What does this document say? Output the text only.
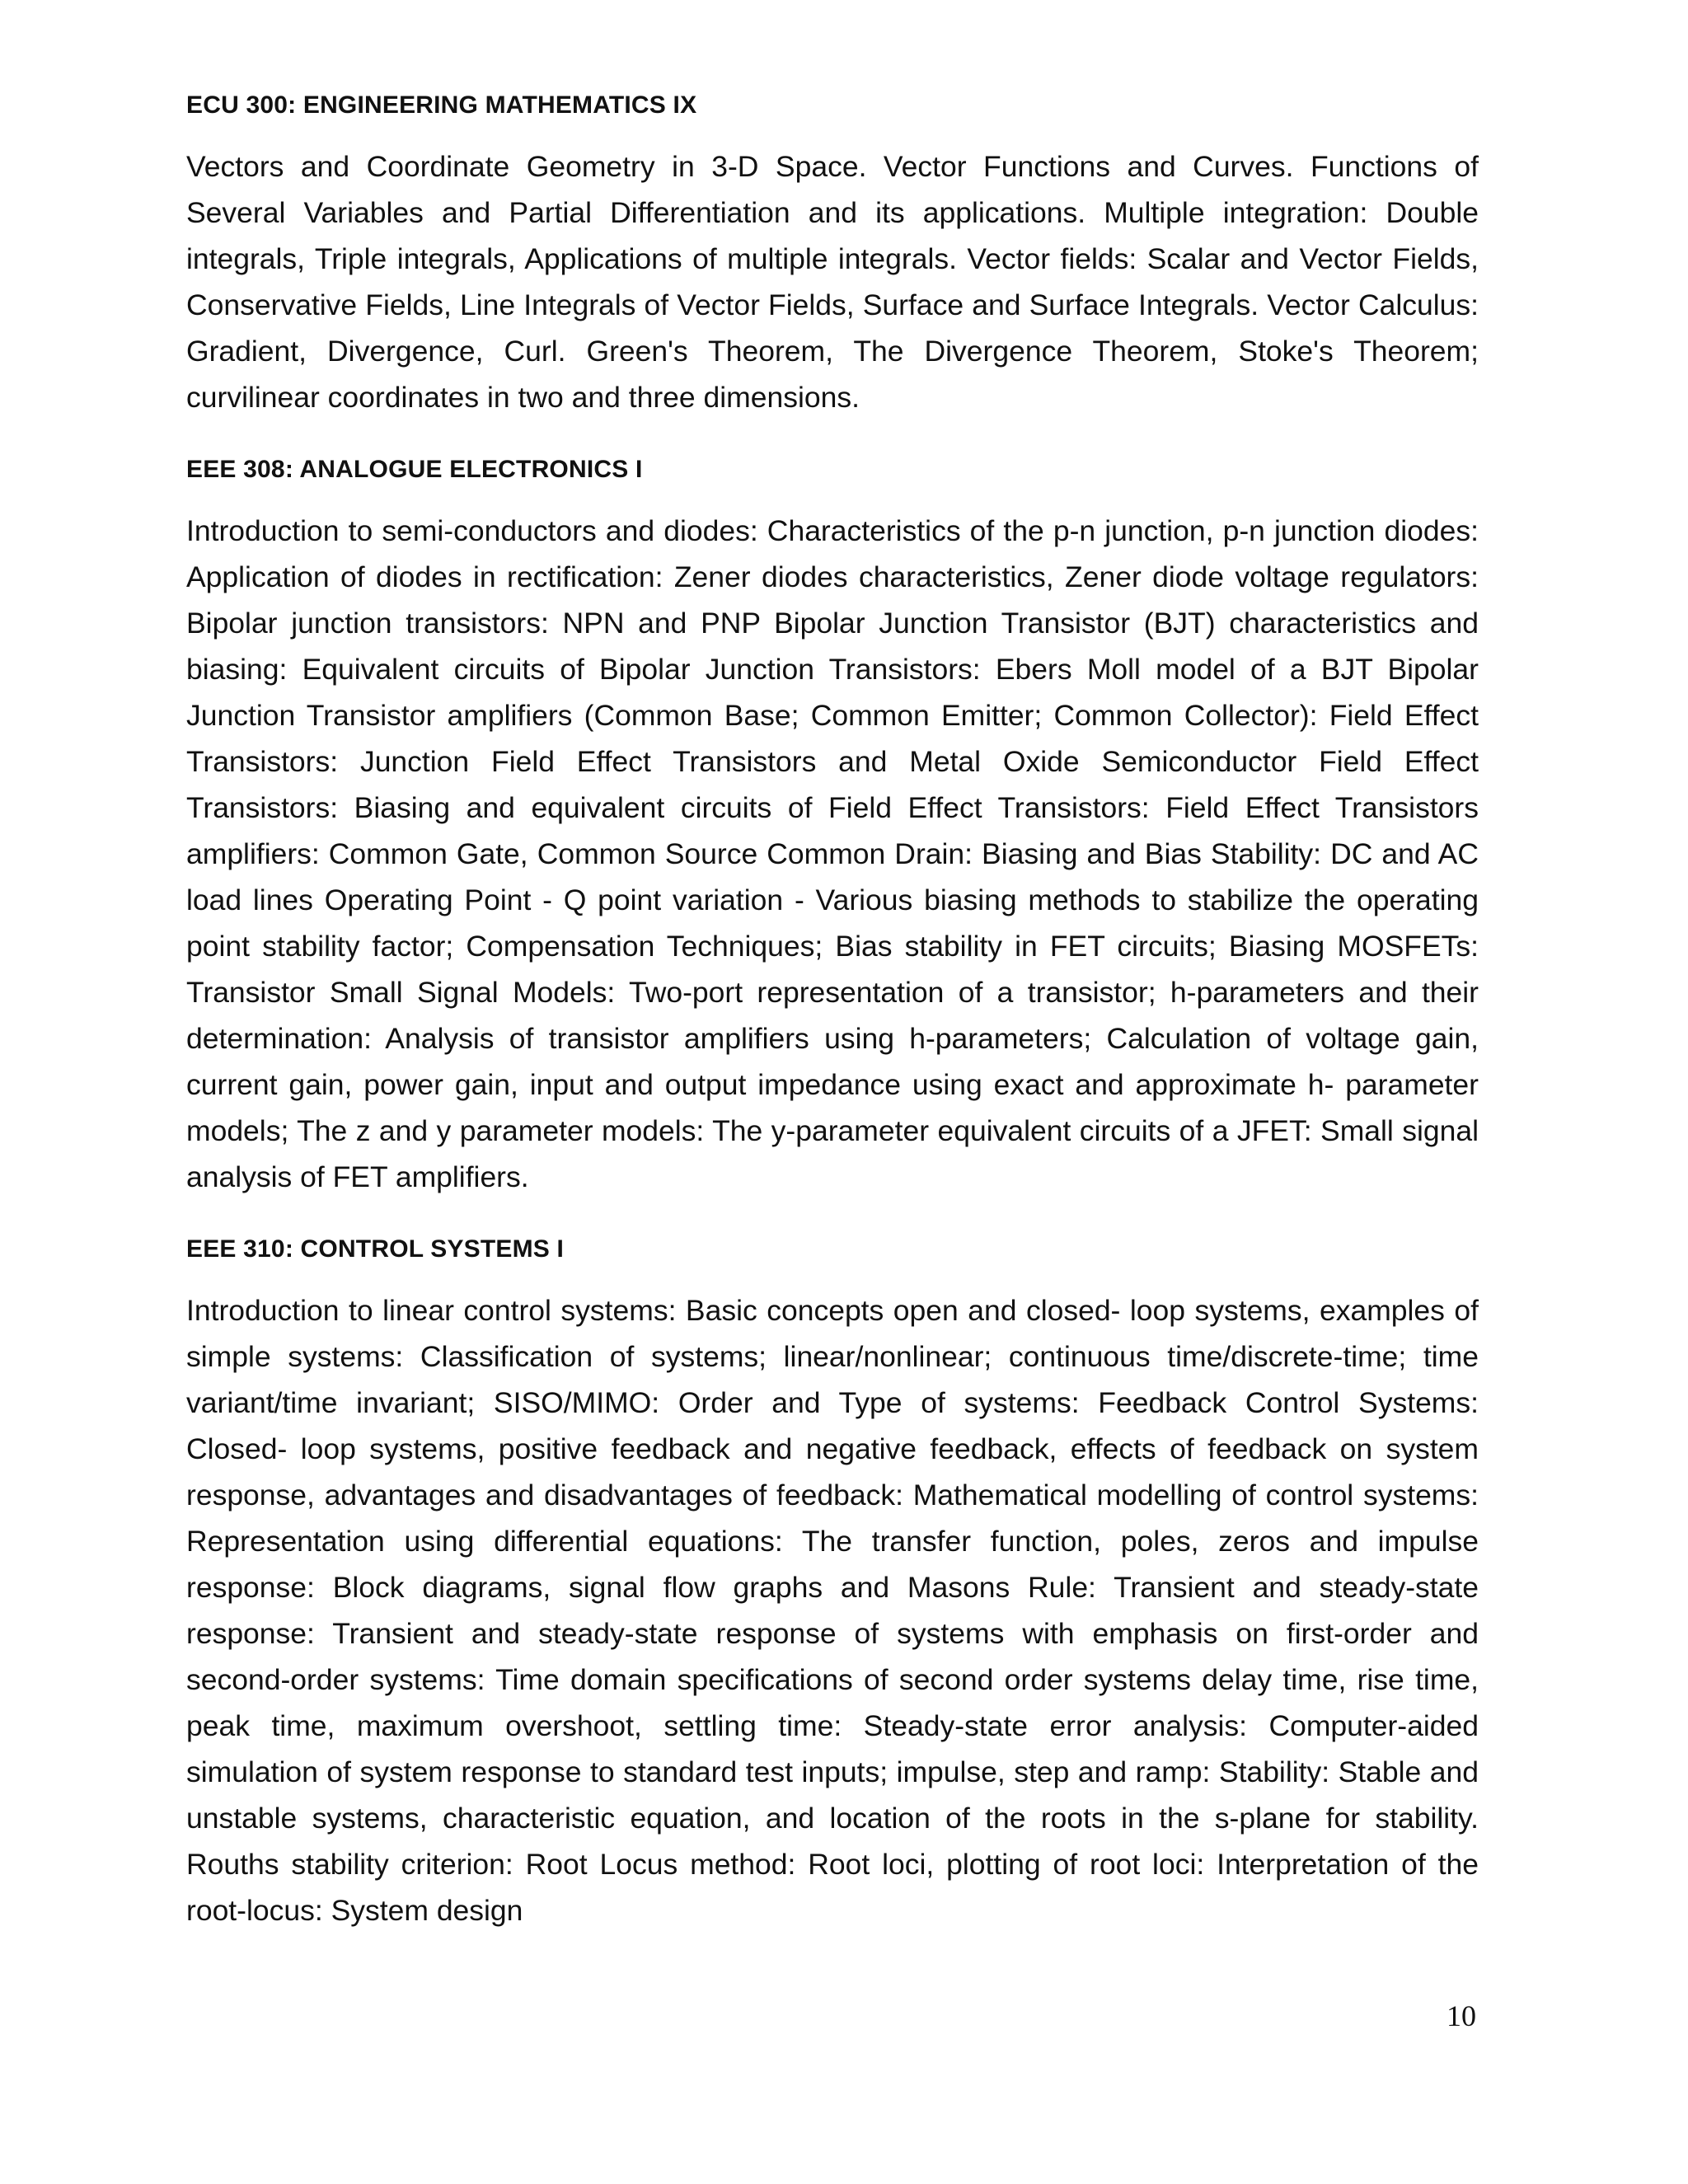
ECU 300: ENGINEERING MATHEMATICS IX

Vectors and Coordinate Geometry in 3-D Space. Vector Functions and Curves. Functions of Several Variables and Partial Differentiation and its applications. Multiple integration: Double integrals, Triple integrals, Applications of multiple integrals. Vector fields: Scalar and Vector Fields, Conservative Fields, Line Integrals of Vector Fields, Surface and Surface Integrals. Vector Calculus: Gradient, Divergence, Curl. Green's Theorem, The Divergence Theorem, Stoke's Theorem; curvilinear coordinates in two and three dimensions.

EEE 308: ANALOGUE ELECTRONICS I

Introduction to semi-conductors and diodes: Characteristics of the p-n junction, p-n junction diodes: Application of diodes in rectification: Zener diodes characteristics, Zener diode voltage regulators: Bipolar junction transistors: NPN and PNP Bipolar Junction Transistor (BJT) characteristics and biasing: Equivalent circuits of Bipolar Junction Transistors: Ebers Moll model of a BJT Bipolar Junction Transistor amplifiers (Common Base; Common Emitter; Common Collector): Field Effect Transistors: Junction Field Effect Transistors and Metal Oxide Semiconductor Field Effect Transistors: Biasing and equivalent circuits of Field Effect Transistors: Field Effect Transistors amplifiers: Common Gate, Common Source Common Drain: Biasing and Bias Stability: DC and AC load lines Operating Point - Q point variation - Various biasing methods to stabilize the operating point stability factor; Compensation Techniques; Bias stability in FET circuits; Biasing MOSFETs: Transistor Small Signal Models: Two-port representation of a transistor; h-parameters and their determination: Analysis of transistor amplifiers using h-parameters; Calculation of voltage gain, current gain, power gain, input and output impedance using exact and approximate h- parameter models; The z and y parameter models: The y-parameter equivalent circuits of a JFET: Small signal analysis of FET amplifiers.

EEE 310: CONTROL SYSTEMS I

Introduction to linear control systems: Basic concepts open and closed- loop systems, examples of simple systems: Classification of systems; linear/nonlinear; continuous time/discrete-time; time variant/time invariant; SISO/MIMO: Order and Type of systems: Feedback Control Systems: Closed- loop systems, positive feedback and negative feedback, effects of feedback on system response, advantages and disadvantages of feedback: Mathematical modelling of control systems: Representation using differential equations: The transfer function, poles, zeros and impulse response: Block diagrams, signal flow graphs and Masons Rule: Transient and steady-state response: Transient and steady-state response of systems with emphasis on first-order and second-order systems: Time domain specifications of second order systems delay time, rise time, peak time, maximum overshoot, settling time: Steady-state error analysis: Computer-aided simulation of system response to standard test inputs; impulse, step and ramp: Stability: Stable and unstable systems, characteristic equation, and location of the roots in the s-plane for stability. Rouths stability criterion: Root Locus method: Root loci, plotting of root loci: Interpretation of the root-locus: System design

10
